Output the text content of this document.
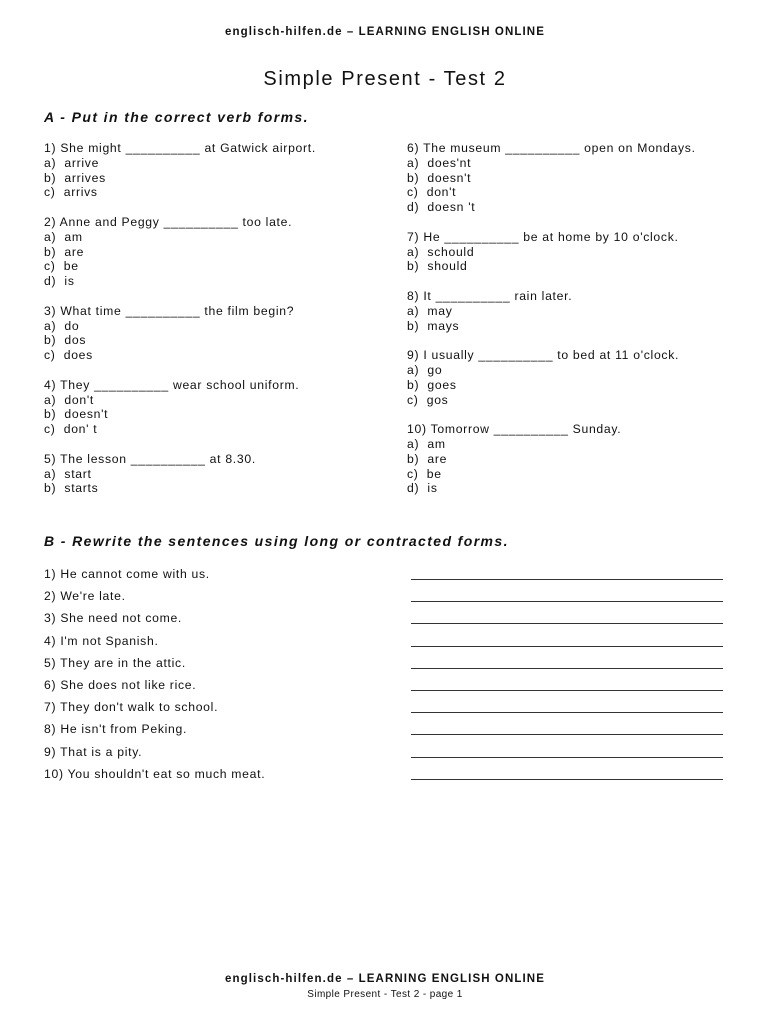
englisch-hilfen.de – LEARNING ENGLISH ONLINE
Simple Present - Test 2
A - Put in the correct verb forms.
1) She might __________ at Gatwick airport.
a)  arrive
b)  arrives
c)  arrivs
2) Anne and Peggy __________ too late.
a)  am
b)  are
c)  be
d)  is
3) What time __________ the film begin?
a)  do
b)  dos
c)  does
4) They __________ wear school uniform.
a)  don't
b)  doesn't
c)  don' t
5) The lesson __________ at 8.30.
a)  start
b)  starts
6) The museum __________ open on Mondays.
a)  does'nt
b)  doesn't
c)  don't
d)  doesn 't
7) He __________ be at home by 10 o'clock.
a)  schould
b)  should
8) It __________ rain later.
a)  may
b)  mays
9) I usually __________ to bed at 11 o'clock.
a)  go
b)  goes
c)  gos
10) Tomorrow __________ Sunday.
a)  am
b)  are
c)  be
d)  is
B - Rewrite the sentences using long or contracted forms.
1) He cannot come with us.
2) We're late.
3) She need not come.
4) I'm not Spanish.
5) They are in the attic.
6) She does not like rice.
7) They don't walk to school.
8) He isn't from Peking.
9) That is a pity.
10) You shouldn't eat so much meat.
englisch-hilfen.de – LEARNING ENGLISH ONLINE
Simple Present - Test 2 - page 1
